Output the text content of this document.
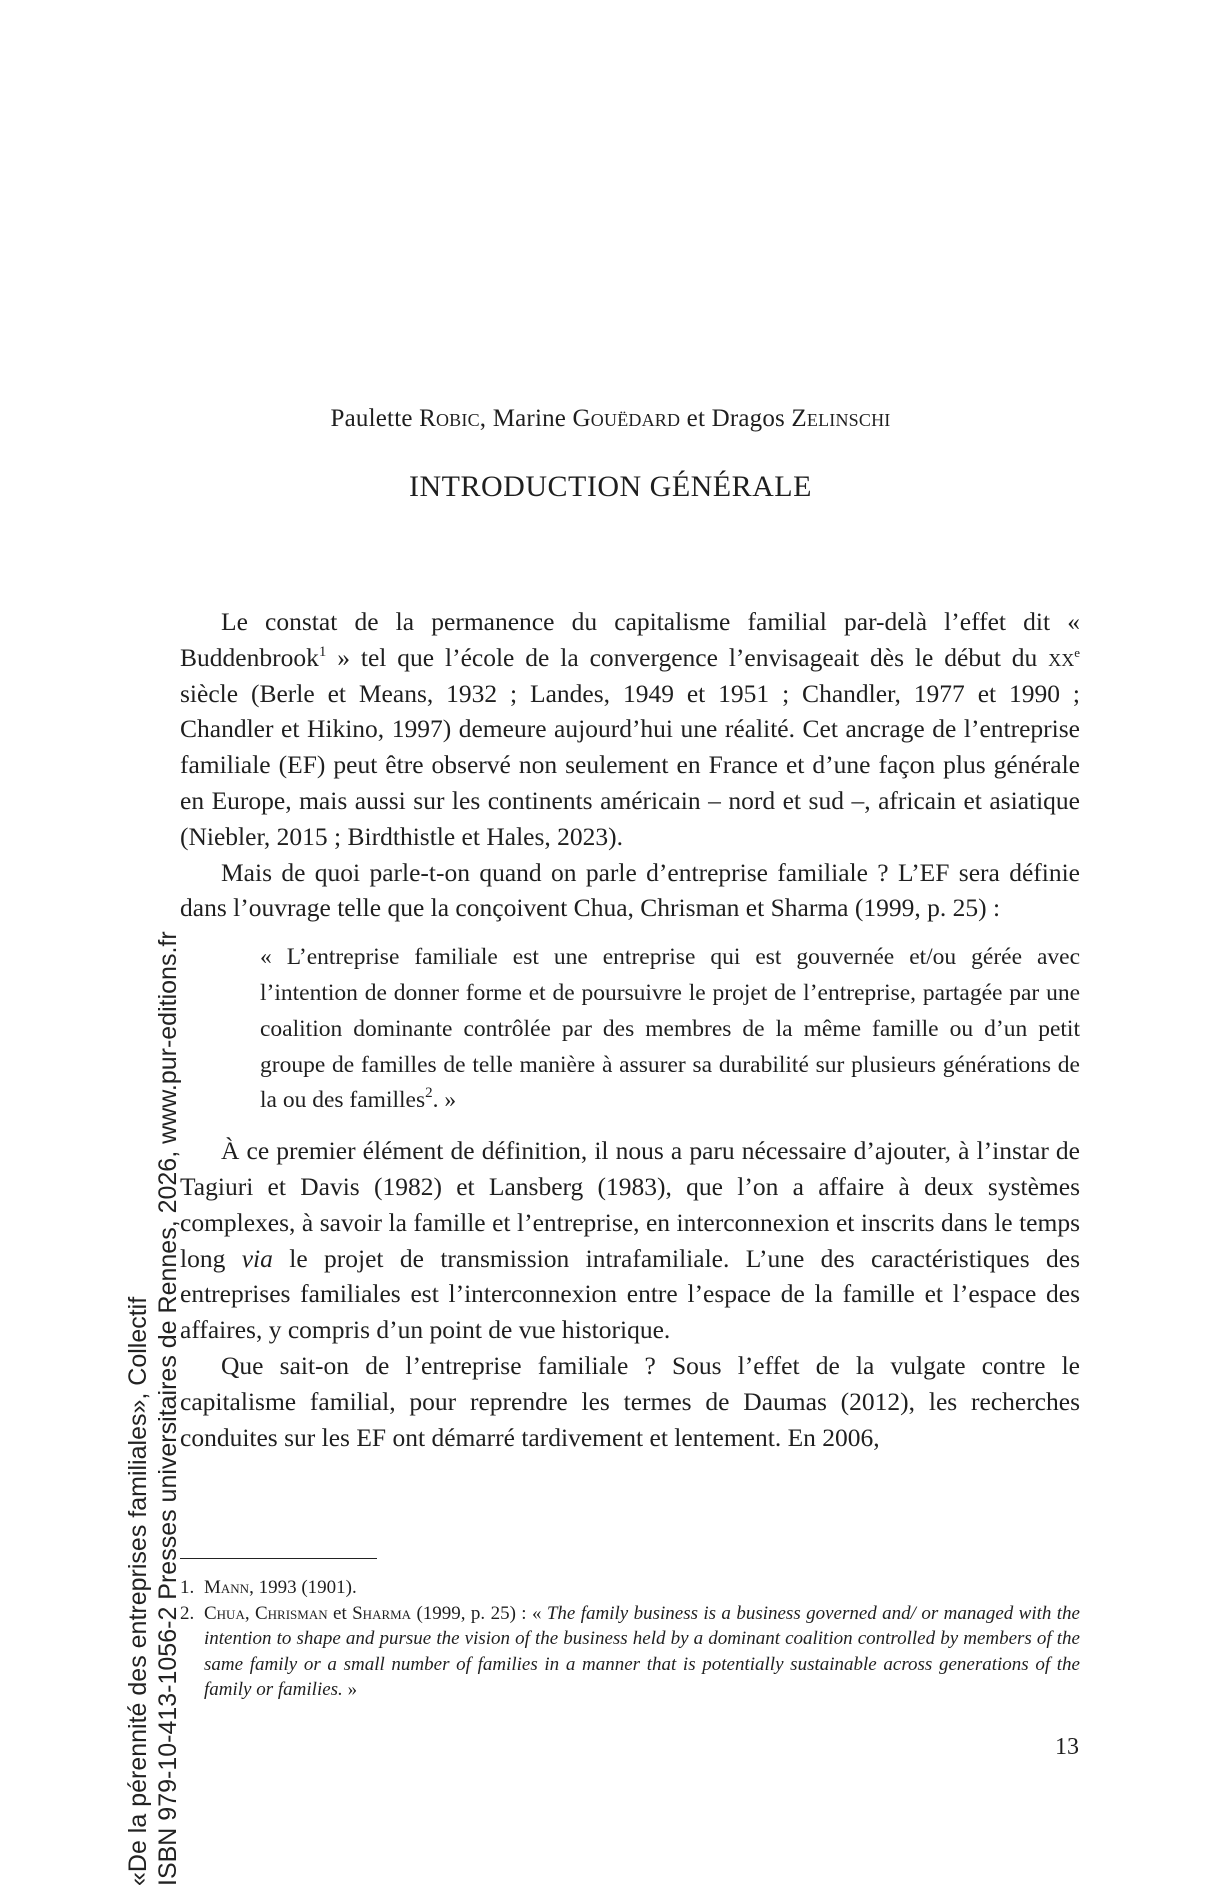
Paulette Robic, Marine Gouëdard et Dragos Zelinschi
INTRODUCTION GÉNÉRALE

Le constat de la permanence du capitalisme familial par-delà l’effet dit « Buddenbrook$^1$ » tel que l’école de la convergence l’envisageait dès le début du $xx^e$ siècle (Berle et Means, 1932 ; Landes, 1949 et 1951 ; Chandler, 1977 et 1990 ; Chandler et Hikino, 1997) demeure aujourd’hui une réalité. Cet ancrage de l’entreprise familiale (EF) peut être observé non seulement en France et d’une façon plus générale en Europe, mais aussi sur les continents américain – nord et sud –, africain et asiatique (Niebler, 2015 ; Birdthistle et Hales, 2023).

Mais de quoi parle-t-on quand on parle d’entreprise familiale ? L’EF sera définie dans l’ouvrage telle que la conçoivent Chua, Chrisman et Sharma (1999, p. 25) :

« L’entreprise familiale est une entreprise qui est gouvernée et/ou gérée avec l’intention de donner forme et de poursuivre le projet de l’entreprise, partagée par une coalition dominante contrôlée par des membres de la même famille ou d’un petit groupe de familles de telle manière à assurer sa durabilité sur plusieurs générations de la ou des familles$^2$. »

À ce premier élément de définition, il nous a paru nécessaire d’ajouter, à l’instar de Tagiuri et Davis (1982) et Lansberg (1983), que l’on a affaire à deux systèmes complexes, à savoir la famille et l’entreprise, en interconnexion et inscrits dans le temps long via le projet de transmission intrafamiliale. L’une des caractéristiques des entreprises familiales est l’interconnexion entre l’espace de la famille et l’espace des affaires, y compris d’un point de vue historique.

Que sait-on de l’entreprise familiale ? Sous l’effet de la vulgate contre le capitalisme familial, pour reprendre les termes de Daumas (2012), les recherches conduites sur les EF ont démarré tardivement et lentement. En 2006,

1. Mann, 1993 (1901).
2. Chua, Chrisman et Sharma (1999, p. 25) : « The family business is a business governed and/ or managed with the intention to shape and pursue the vision of the business held by a dominant coalition controlled by members of the same family or a small number of families in a manner that is potentially sustainable across generations of the family or families. »
13
«De la pérennité des entreprises familiales», Collectif ISBN 979-10-413-1056-2 Presses universitaires de Rennes, 2026, www.pur-editions.fr
